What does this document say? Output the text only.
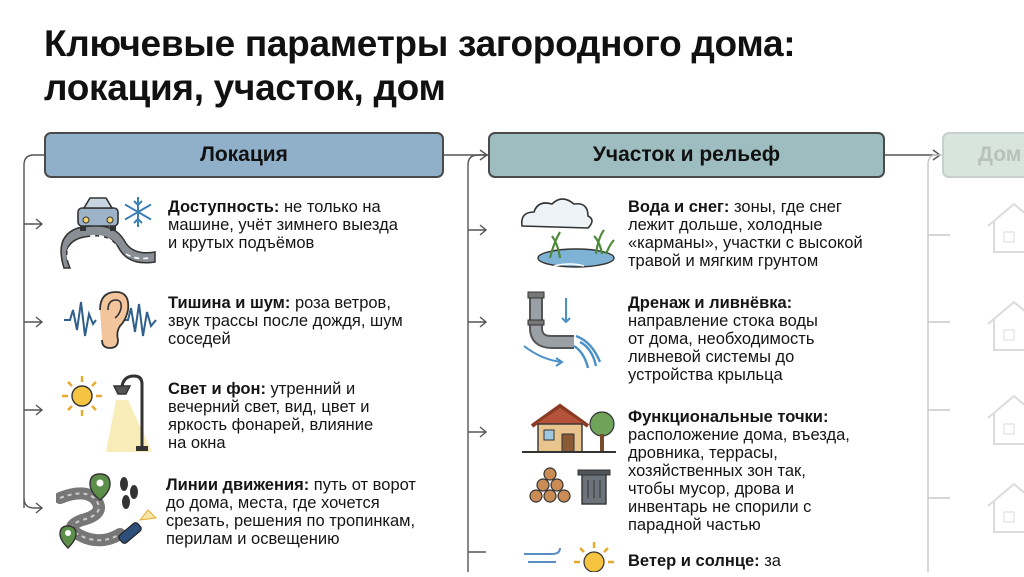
Ключевые параметры загородного дома:
локация, участок, дом
Локация	Участок и рельеф	Дом
Доступность: не только на
машине, учёт зимнего выезда
и крутых подъёмов
Тишина и шум: роза ветров,
звук трассы после дождя, шум
соседей
Свет и фон: утренний и
вечерний свет, вид, цвет и
яркость фонарей, влияние
на окна
Линии движения: путь от ворот
до дома, места, где хочется
срезать, решения по тропинкам,
перилам и освещению
Вода и снег: зоны, где снег
лежит дольше, холодные
«карманы», участки с высокой
травой и мягким грунтом
Дренаж и ливнёвка:
направление стока воды
от дома, необходимость
ливневой системы до
устройства крыльца
Функциональные точки:
расположение дома, въезда,
дровника, террасы,
хозяйственных зон так,
чтобы мусор, дрова и
инвентарь не спорили с
парадной частью
Ветер и солнце: за
